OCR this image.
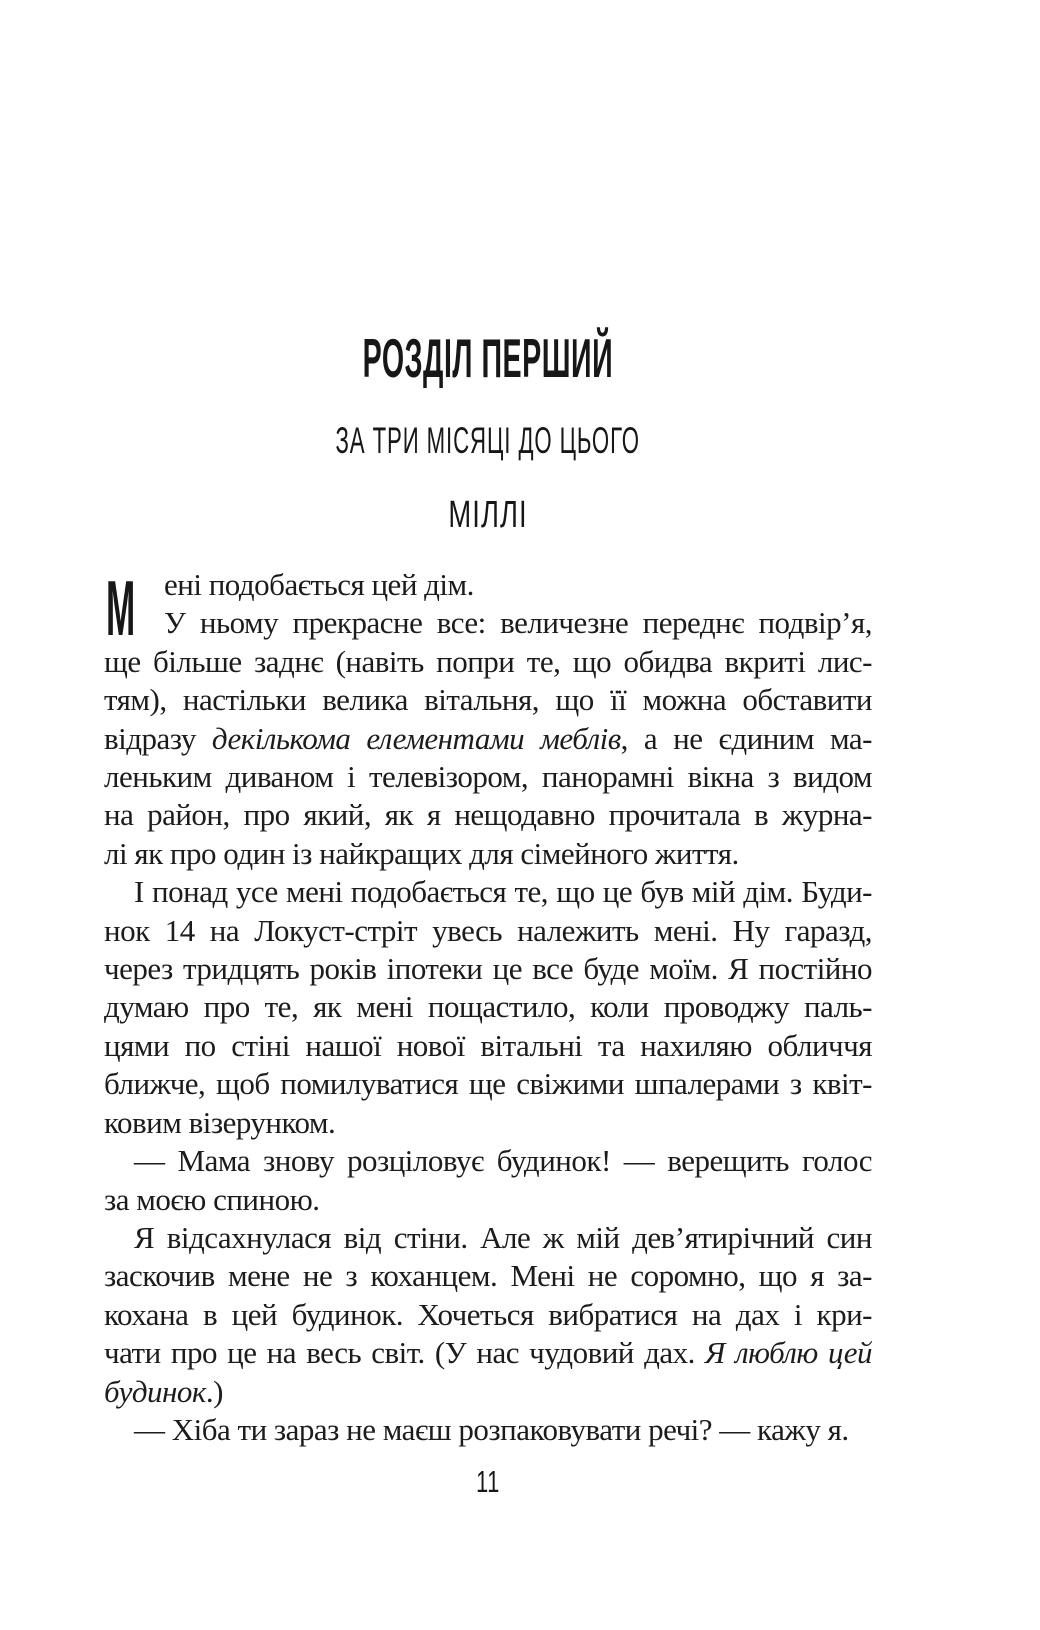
РОЗДІЛ ПЕРШИЙ
ЗА ТРИ МІСЯЦІ ДО ЦЬОГО
МІЛЛІ
М ені подобається цей дім.
У ньому прекрасне все: величезне переднє подвір’я,
ще більше заднє (навіть попри те, що обидва вкриті лис-
тям), настільки велика вітальня, що її можна обставити
відразу декількома елементами меблів, а не єдиним ма-
леньким диваном і телевізором, панорамні вікна з видом
на район, про який, як я нещодавно прочитала в журна-
лі як про один із найкращих для сімейного життя.
І понад усе мені подобається те, що це був мій дім. Буди-
нок 14 на Локуст-стріт увесь належить мені. Ну гаразд,
через тридцять років іпотеки це все буде моїм. Я постійно
думаю про те, як мені пощастило, коли проводжу паль-
цями по стіні нашої нової вітальні та нахиляю обличчя
ближче, щоб помилуватися ще свіжими шпалерами з квіт-
ковим візерунком.
— Мама знову розціловує будинок! — верещить голос
за моєю спиною.
Я відсахнулася від стіни. Але ж мій дев’ятирічний син
заскочив мене не з коханцем. Мені не соромно, що я за-
кохана в цей будинок. Хочеться вибратися на дах і кри-
чати про це на весь світ. (У нас чудовий дах. Я люблю цей
будинок.)
— Хіба ти зараз не маєш розпаковувати речі? — кажу я.
11
